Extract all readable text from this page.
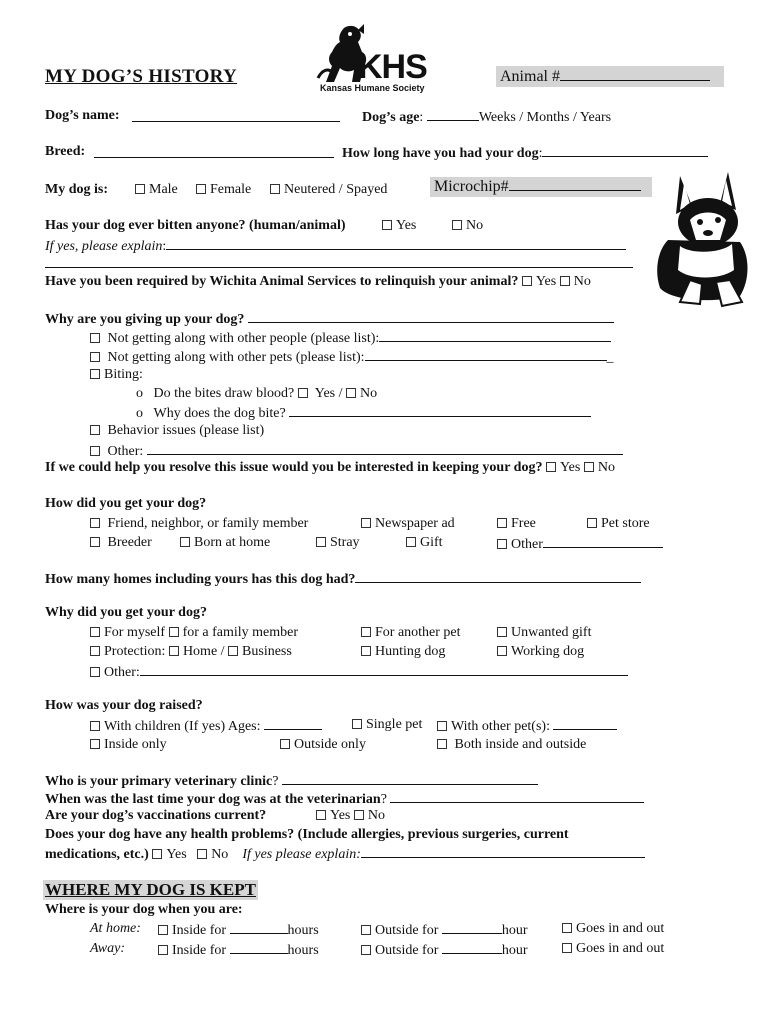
MY DOG’S HISTORY	KHS
Kansas Humane Society
Animal #
Dog’s name:	Dog’s age:	Weeks / Months / Years
Breed:	How long have you had your dog:
My dog is:	Male	Female	Neutered / Spayed	Microchip#
Has your dog ever bitten anyone? (human/animal)	Yes	No
If yes, please explain:
Have you been required by Wichita Animal Services to relinquish your animal? Yes No
Why are you giving up your dog?
Not getting along with other people (please list):
Not getting along with other pets (please list):	_
Biting:
o Do the bites draw blood? Yes / No
o Why does the dog bite?
Behavior issues (please list)
Other:
If we could help you resolve this issue would you be interested in keeping your dog? Yes No
How did you get your dog?
Friend, neighbor, or family member	Newspaper ad	Free	Pet store
Breeder	Born at home	Stray	Gift	Other
How many homes including yours has this dog had?
Why did you get your dog?
For myself for a family member	For another pet	Unwanted gift
Protection: Home / Business	Hunting dog	Working dog
Other:
How was your dog raised?
With children (If yes) Ages:	Single pet	With other pet(s):
Inside only	Outside only	Both inside and outside
Who is your primary veterinary clinic?
When was the last time your dog was at the veterinarian?
Are your dog’s vaccinations current?	Yes No
Does your dog have any health problems? (Include allergies, previous surgeries, current
medications, etc.) Yes No If yes please explain:
WHERE MY DOG IS KEPT
Where is your dog when you are:
At home:	Inside for	hours	Outside for	hour	Goes in and out
Away:	Inside for	hours	Outside for	hour	Goes in and out
